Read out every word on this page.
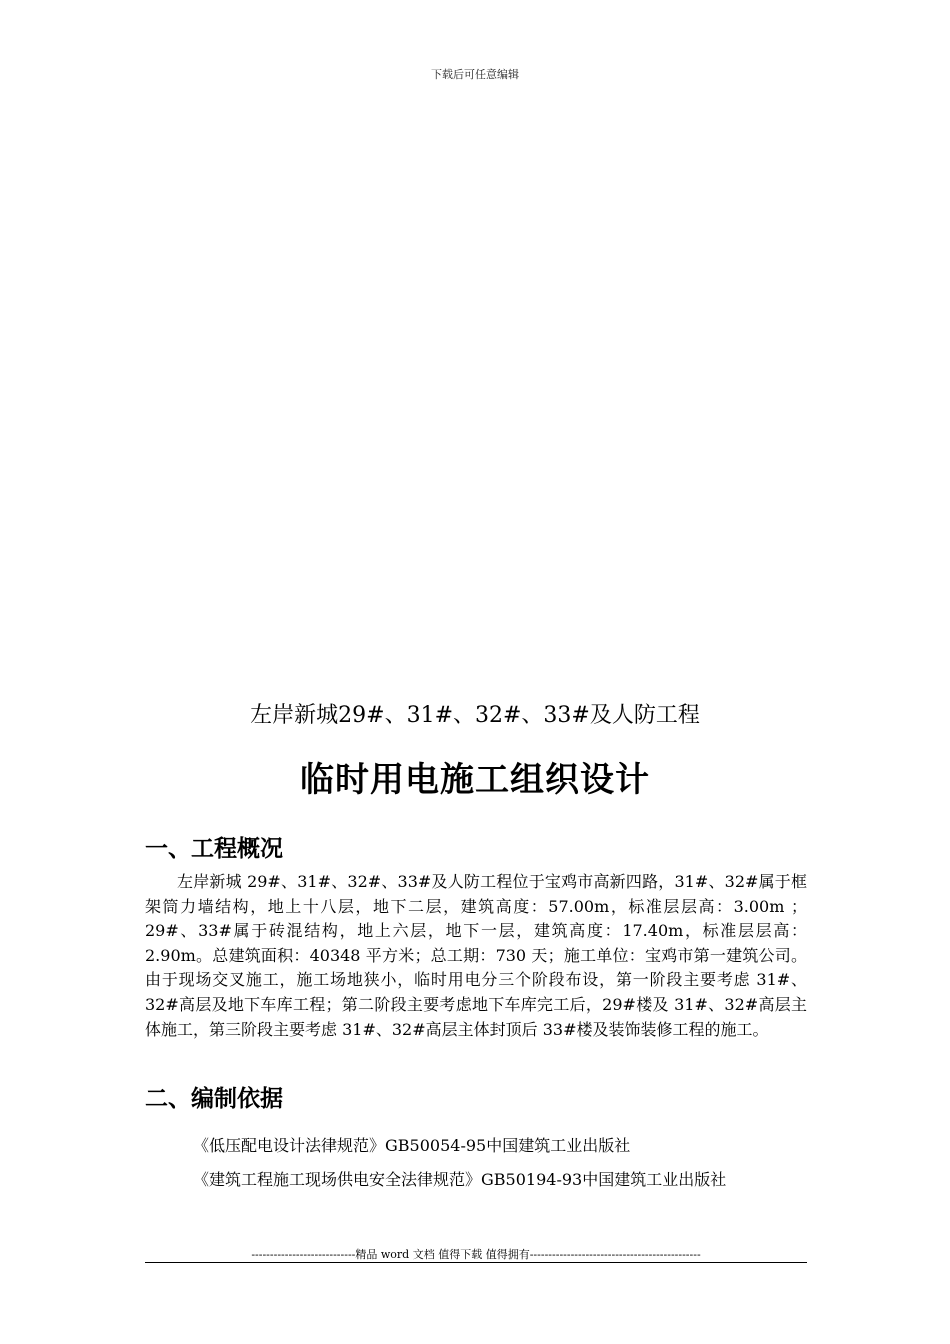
下载后可任意编辑
左岸新城29#、31#、32#、33#及人防工程
临时用电施工组织设计
一、工程概况
左岸新城 29#、31#、32#、33#及人防工程位于宝鸡市高新四路，31#、32#属于框架筒力墙结构，地上十八层，地下二层，建筑高度：57.00m，标准层层高：3.00m ；29#、33#属于砖混结构，地上六层，地下一层，建筑高度：17.40m，标准层层高：2.90m。总建筑面积：40348 平方米；总工期：730 天；施工单位：宝鸡市第一建筑公司。由于现场交叉施工，施工场地狭小，临时用电分三个阶段布设，第一阶段主要考虑 31#、32#高层及地下车库工程；第二阶段主要考虑地下车库完工后，29#楼及 31#、32#高层主体施工，第三阶段主要考虑 31#、32#高层主体封顶后 33#楼及装饰装修工程的施工。
二、编制依据
《低压配电设计法律规范》GB50054-95中国建筑工业出版社
《建筑工程施工现场供电安全法律规范》GB50194-93中国建筑工业出版社
----------------------------精品 word 文档 值得下载 值得拥有----------------------------------------------
